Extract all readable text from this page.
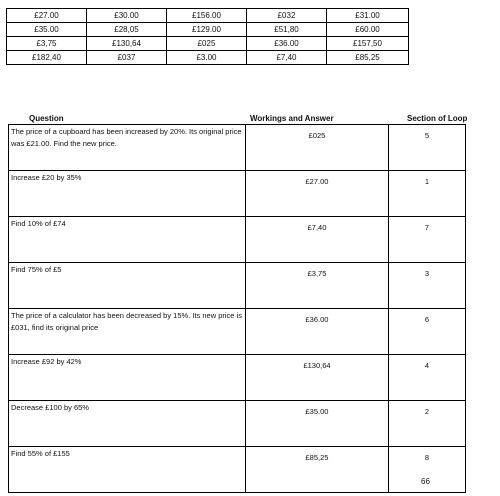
£27.00	£30.00	£156.00	£032	£31.00
£35.00	£28,05	£129.00	£51,80	£60.00
£3,75	£130,64	£025	£36.00	£157,50
£182,40	£037	£3.00	£7,40	£85,25
Question	Workings and Answer	Section of Loop
The price of a cupboard has been increased by 20%. Its original price was £21.00. Find the new price.	£025	5
Increase £20 by 35%	£27.00	1
Find 10% of £74	£7,40	7
Find 75% of £5	£3,75	3
The price of a calculator has been decreased by 15%. Its new price is £031, find its original price	£36.00	6
Increase £92 by 42%	£130,64	4
Decrease £100 by 65%	£35.00	2
Find 55% of £155	£85,25	8
66
